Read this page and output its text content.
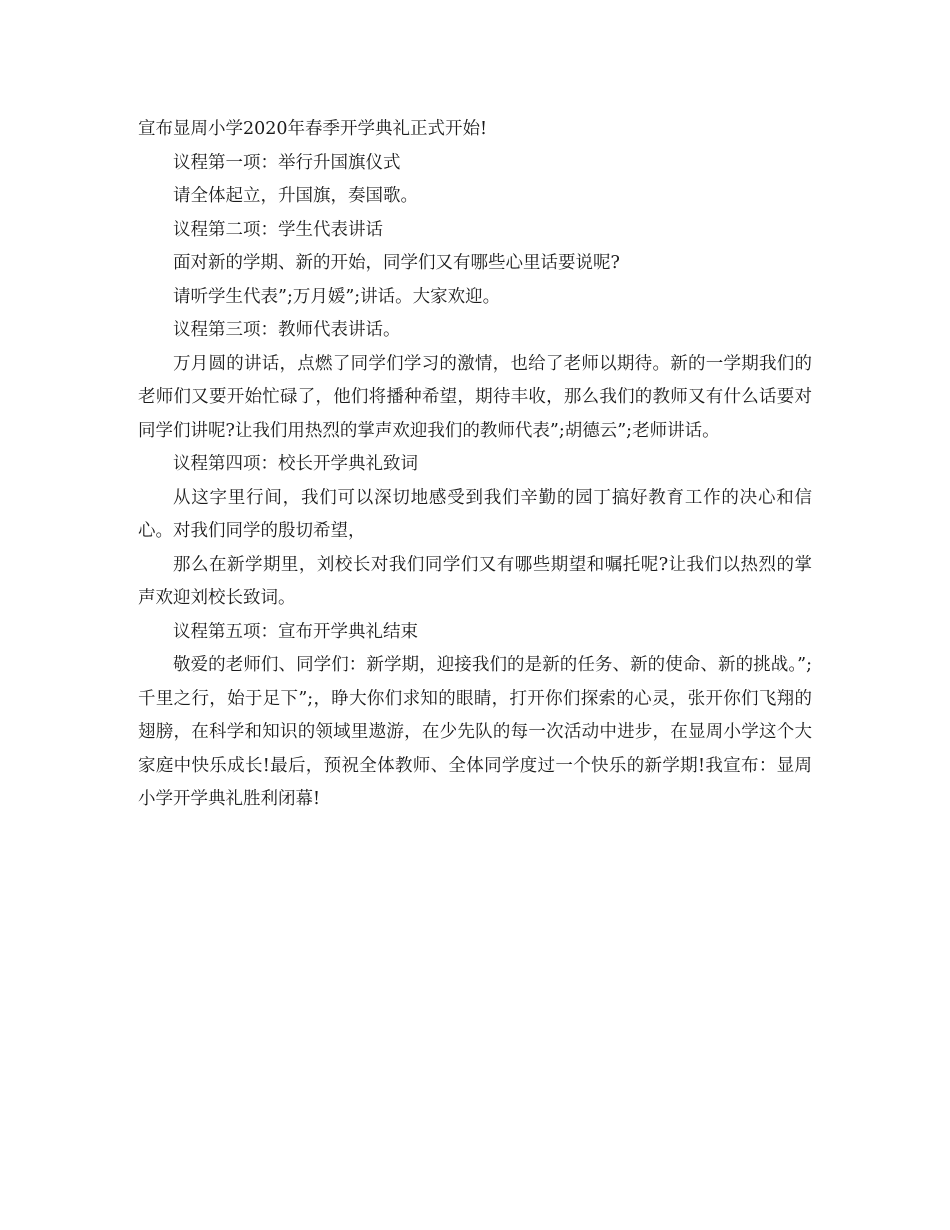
宣布显周小学2020年春季开学典礼正式开始!

议程第一项：举行升国旗仪式

请全体起立，升国旗，奏国歌。

议程第二项：学生代表讲话

面对新的学期、新的开始，同学们又有哪些心里话要说呢?

请听学生代表”;万月媛”;讲话。大家欢迎。

议程第三项：教师代表讲话。

万月圆的讲话，点燃了同学们学习的激情，也给了老师以期待。新的一学期我们的老师们又要开始忙碌了，他们将播种希望，期待丰收，那么我们的教师又有什么话要对同学们讲呢?让我们用热烈的掌声欢迎我们的教师代表”;胡德云”;老师讲话。

议程第四项：校长开学典礼致词

从这字里行间，我们可以深切地感受到我们辛勤的园丁搞好教育工作的决心和信心。对我们同学的殷切希望，

那么在新学期里，刘校长对我们同学们又有哪些期望和嘱托呢?让我们以热烈的掌声欢迎刘校长致词。

议程第五项：宣布开学典礼结束

敬爱的老师们、同学们：新学期，迎接我们的是新的任务、新的使命、新的挑战。”;千里之行，始于足下”;，睁大你们求知的眼睛，打开你们探索的心灵，张开你们飞翔的翅膀，在科学和知识的领域里遨游，在少先队的每一次活动中进步，在显周小学这个大家庭中快乐成长!最后，预祝全体教师、全体同学度过一个快乐的新学期!我宣布：显周小学开学典礼胜利闭幕!
